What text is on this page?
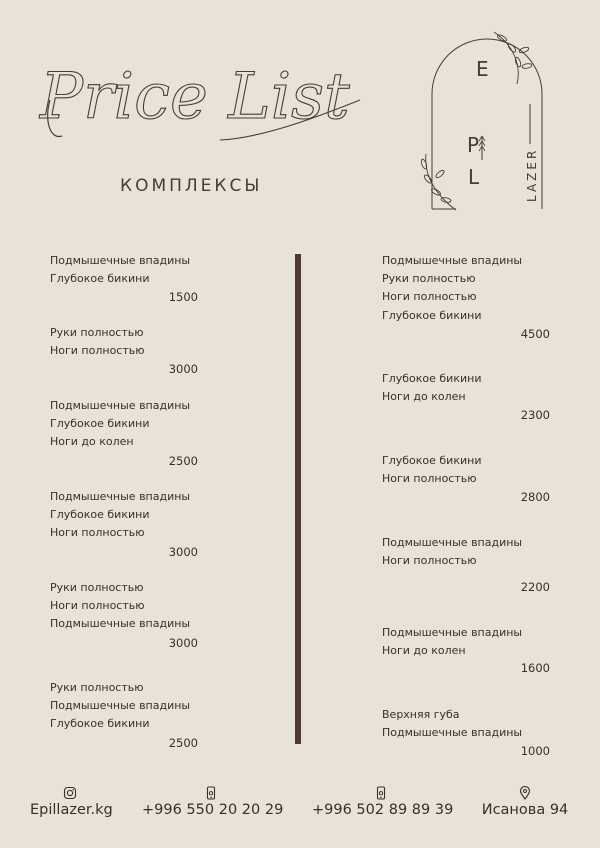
Price List
КОМПЛЕКСЫ
E
P
L	LAZER
Подмышечные впадины
Глубокое бикини
1500
Руки полностью
Ноги полностью
3000
Подмышечные впадины
Глубокое бикини
Ноги до колен
2500
Подмышечные впадины
Глубокое бикини
Ноги полностью
3000
Руки полностью
Ноги полностью
Подмышечные впадины
3000
Руки полностью
Подмышечные впадины
Глубокое бикини
2500
Подмышечные впадины
Руки полностью
Ноги полностью
Глубокое бикини
4500
Глубокое бикини
Ноги до колен
2300
Глубокое бикини
Ноги полностью
2800
Подмышечные впадины
Ноги полностью
2200
Подмышечные впадины
Ноги до колен
1600
Верхняя губа
Подмышечные впадины
1000
Epillazer.kg +996 550 20 20 29 +996 502 89 89 39 Исанова 94
